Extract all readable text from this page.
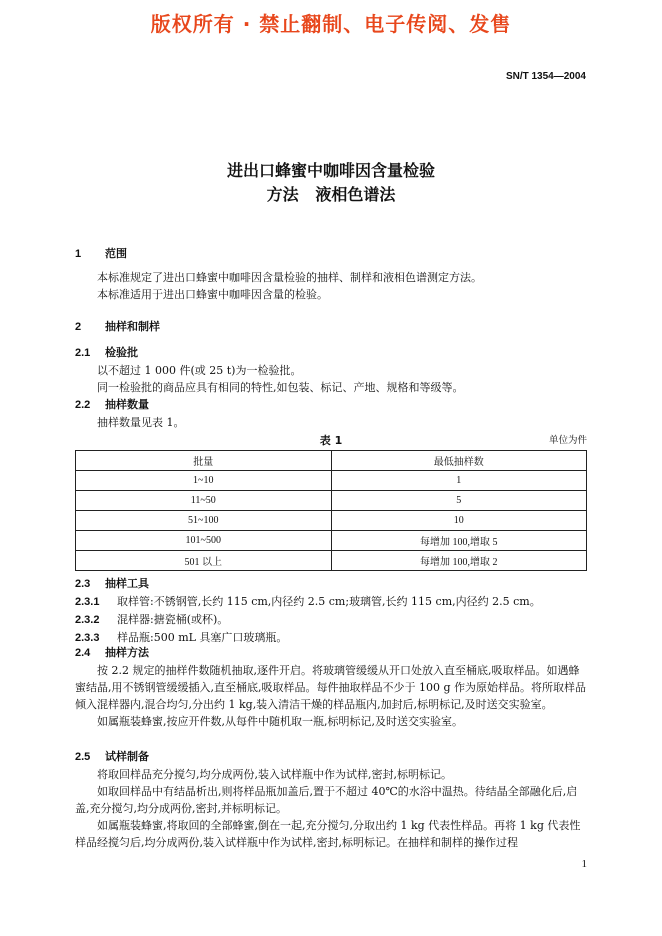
版权所有 · 禁止翻制、电子传阅、发售
SN/T 1354—2004
进出口蜂蜜中咖啡因含量检验
方法   液相色谱法
1 范围
本标准规定了进出口蜂蜜中咖啡因含量检验的抽样、制样和液相色谱测定方法。
本标准适用于进出口蜂蜜中咖啡因含量的检验。
2 抽样和制样
2.1 检验批
以不超过 1 000 件(或 25 t)为一检验批。
同一检验批的商品应具有相同的特性,如包装、标记、产地、规格和等级等。
2.2 抽样数量
抽样数量见表 1。
表 1	单位为件
批量	最低抽样数
1~10	1
11~50	5
51~100	10
101~500	每增加 100,增取 5
501 以上	每增加 100,增取 2
2.3 抽样工具
2.3.1 取样管:不锈钢管,长约 115 cm,内径约 2.5 cm;玻璃管,长约 115 cm,内径约 2.5 cm。
2.3.2 混样器:搪瓷桶(或杯)。
2.3.3 样品瓶:500 mL 具塞广口玻璃瓶。
2.4 抽样方法
按 2.2 规定的抽样件数随机抽取,逐件开启。将玻璃管缓缓从开口处放入直至桶底,吸取样品。如遇蜂蜜结晶,用不锈钢管缓缓插入,直至桶底,吸取样品。每件抽取样品不少于 100 g 作为原始样品。将所取样品倾入混样器内,混合均匀,分出约 1 kg,装入清洁干燥的样品瓶内,加封后,标明标记,及时送交实验室。
如属瓶装蜂蜜,按应开件数,从每件中随机取一瓶,标明标记,及时送交实验室。
2.5 试样制备
将取回样品充分搅匀,均分成两份,装入试样瓶中作为试样,密封,标明标记。
如取回样品中有结晶析出,则将样品瓶加盖后,置于不超过 40℃的水浴中温热。待结晶全部融化后,启盖,充分搅匀,均分成两份,密封,并标明标记。
如属瓶装蜂蜜,将取回的全部蜂蜜,倒在一起,充分搅匀,分取出约 1 kg 代表性样品。再将 1 kg 代表性样品经搅匀后,均分成两份,装入试样瓶中作为试样,密封,标明标记。在抽样和制样的操作过程
1
